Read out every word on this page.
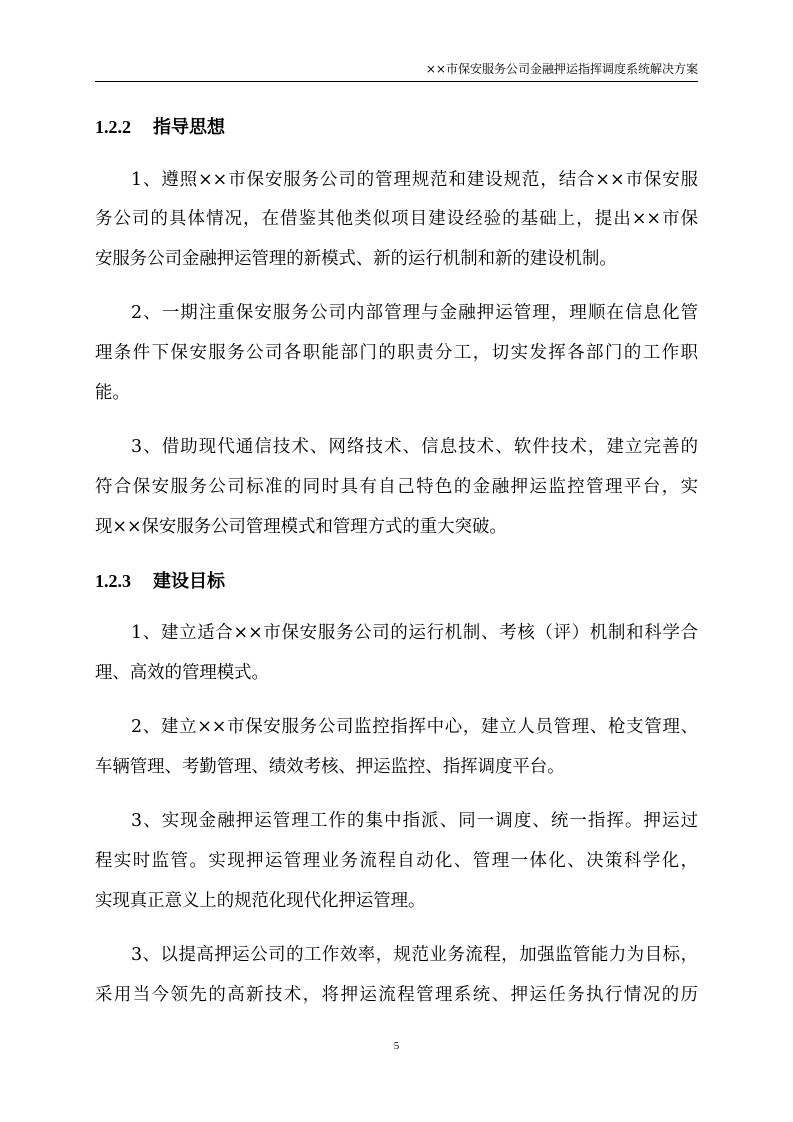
××市保安服务公司金融押运指挥调度系统解决方案
1.2.2 指导思想
1、遵照××市保安服务公司的管理规范和建设规范，结合××市保安服
务公司的具体情况，在借鉴其他类似项目建设经验的基础上，提出××市保
安服务公司金融押运管理的新模式、新的运行机制和新的建设机制。
2、一期注重保安服务公司内部管理与金融押运管理，理顺在信息化管
理条件下保安服务公司各职能部门的职责分工，切实发挥各部门的工作职
能。
3、借助现代通信技术、网络技术、信息技术、软件技术，建立完善的
符合保安服务公司标准的同时具有自己特色的金融押运监控管理平台，实
现××保安服务公司管理模式和管理方式的重大突破。
1.2.3 建设目标
1、建立适合××市保安服务公司的运行机制、考核（评）机制和科学合
理、高效的管理模式。
2、建立××市保安服务公司监控指挥中心，建立人员管理、枪支管理、
车辆管理、考勤管理、绩效考核、押运监控、指挥调度平台。
3、实现金融押运管理工作的集中指派、同一调度、统一指挥。押运过
程实时监管。实现押运管理业务流程自动化、管理一体化、决策科学化，
实现真正意义上的规范化现代化押运管理。
3、以提高押运公司的工作效率，规范业务流程，加强监管能力为目标，
采用当今领先的高新技术，将押运流程管理系统、押运任务执行情况的历
5
